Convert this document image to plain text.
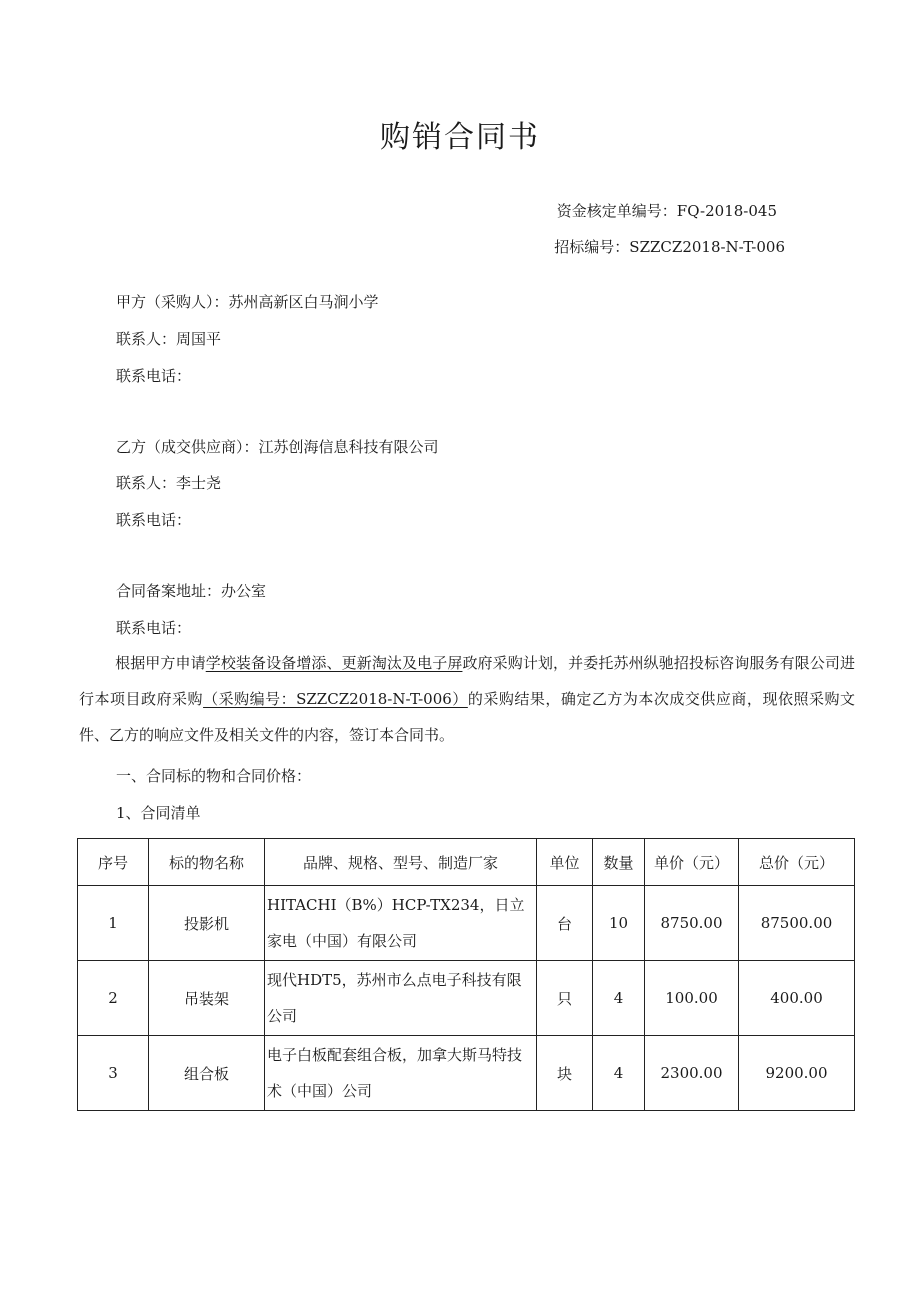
购销合同书
资金核定单编号：FQ-2018-045
招标编号：SZZCZ2018-N-T-006
甲方（采购人）：苏州高新区白马涧小学
联系人：周国平
联系电话：
乙方（成交供应商）：江苏创海信息科技有限公司
联系人：李士尧
联系电话：
合同备案地址：办公室
联系电话：
根据甲方申请学校装备设备增添、更新淘汰及电子屏政府采购计划，并委托苏州纵驰招投标咨询服务有限公司进行本项目政府采购（采购编号：SZZCZ2018-N-T-006）的采购结果，确定乙方为本次成交供应商，现依照采购文件、乙方的响应文件及相关文件的内容，签订本合同书。
一、合同标的物和合同价格：
1、合同清单
序号	标的物名称	品牌、规格、型号、制造厂家	单位	数量	单价（元）	总价（元）
1	投影机	HITACHI（B%）HCP-TX234，日立家电（中国）有限公司	台	10	8750.00	87500.00
2	吊装架	现代HDT5，苏州市么点电子科技有限公司	只	4	100.00	400.00
3	组合板	电子白板配套组合板，加拿大斯马特技术（中国）公司	块	4	2300.00	9200.00
